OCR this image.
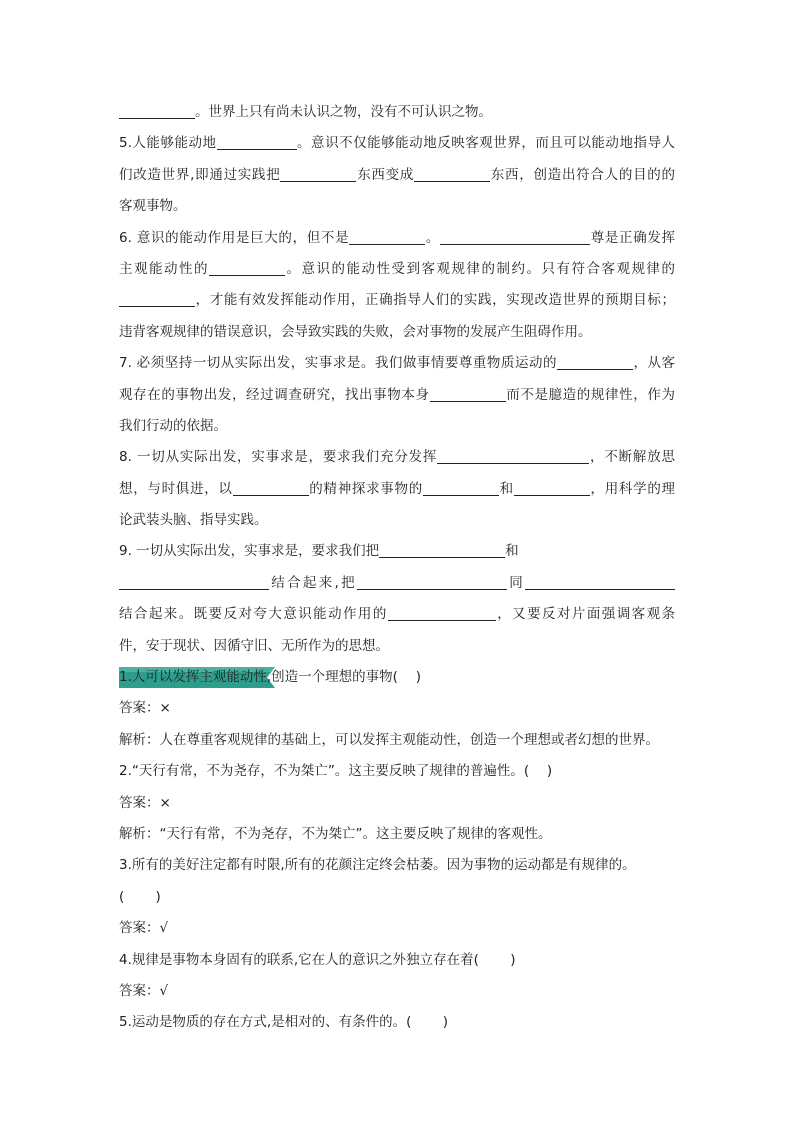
。世界上只有尚未认识之物，没有不可认识之物。
5.人能够能动地	。意识不仅能够能动地反映客观世界，而且可以能动地指导人
们改造世界,即通过实践把	东西变成	东西，创造出符合人的目的的
客观事物。
6. 意识的能动作用是巨大的，但不是	。	尊是正确发挥
主观能动性的	。意识的能动性受到客观规律的制约。只有符合客观规律的
，才能有效发挥能动作用，正确指导人们的实践，实现改造世界的预期目标；
违背客观规律的错误意识，会导致实践的失败，会对事物的发展产生阻碍作用。
7. 必须坚持一切从实际出发，实事求是。我们做事情要尊重物质运动的	，从客
观存在的事物出发，经过调查研究，找出事物本身	而不是臆造的规律性，作为
我们行动的依据。
8. 一切从实际出发，实事求是，要求我们充分发挥	，不断解放思
想，与时俱进，以	的精神探求事物的	和	，用科学的理
论武装头脑、指导实践。
9. 一切从实际出发，实事求是，要求我们把	和
结合起来,把	同
结合起来。既要反对夸大意识能动作用的	，又要反对片面强调客观条
件，安于现状、因循守旧、无所作为的思想。
1.人可以发挥主观能动性,创造一个理想的事物(　 )
答案：×
解析：人在尊重客观规律的基础上，可以发挥主观能动性，创造一个理想或者幻想的世界。
2.“天行有常，不为尧存，不为桀亡”。这主要反映了规律的普遍性。(　 )
答案：×
解析：“天行有常，不为尧存，不为桀亡”。这主要反映了规律的客观性。
3.所有的美好注定都有时限,所有的花颜注定终会枯萎。因为事物的运动都是有规律的。
(　　 )
答案：√
4.规律是事物本身固有的联系,它在人的意识之外独立存在着(　　 )
答案：√
5.运动是物质的存在方式,是相对的、有条件的。(　　 )
